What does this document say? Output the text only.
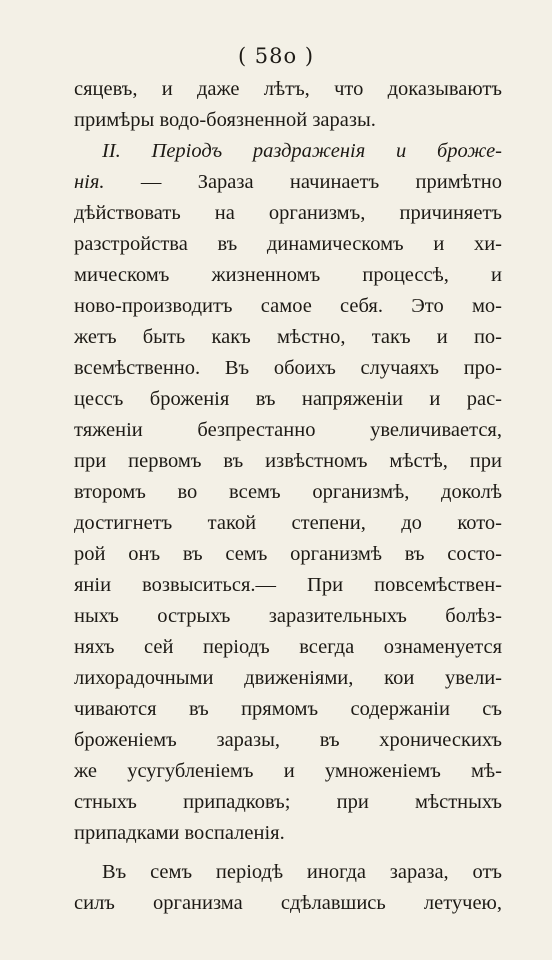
( 58о )
сяцевъ, и даже лѣтъ, что доказываютъ
примѣры водо-боязненной заразы.
II. Періодъ раздраженія и броже-
нія. — Зараза начинаетъ примѣтно
дѣйствовать на организмъ, причиняетъ
разстройства въ динамическомъ и хи-
мическомъ жизненномъ процессѣ, и
ново-производитъ самое себя. Это мо-
жетъ быть какъ мѣстно, такъ и по-
всемѣственно. Въ обоихъ случаяхъ про-
цессъ броженія въ напряженіи и рас-
тяженіи безпрестанно увеличивается,
при первомъ въ извѣстномъ мѣстѣ, при
второмъ во всемъ организмѣ, доколѣ
достигнетъ такой степени, до кото-
рой онъ въ семъ организмѣ въ состо-
яніи возвыситься.— При повсемѣствен-
ныхъ острыхъ заразительныхъ болѣз-
няхъ сей періодъ всегда ознаменуется
лихорадочными движеніями, кои увели-
чиваются въ прямомъ содержаніи съ
броженіемъ заразы, въ хроническихъ
же усугубленіемъ и умноженіемъ мѣ-
стныхъ припадковъ; при мѣстныхъ
припадками воспаленія.
Въ семъ періодѣ иногда зараза, отъ
силъ организма сдѣлавшись летучею,
